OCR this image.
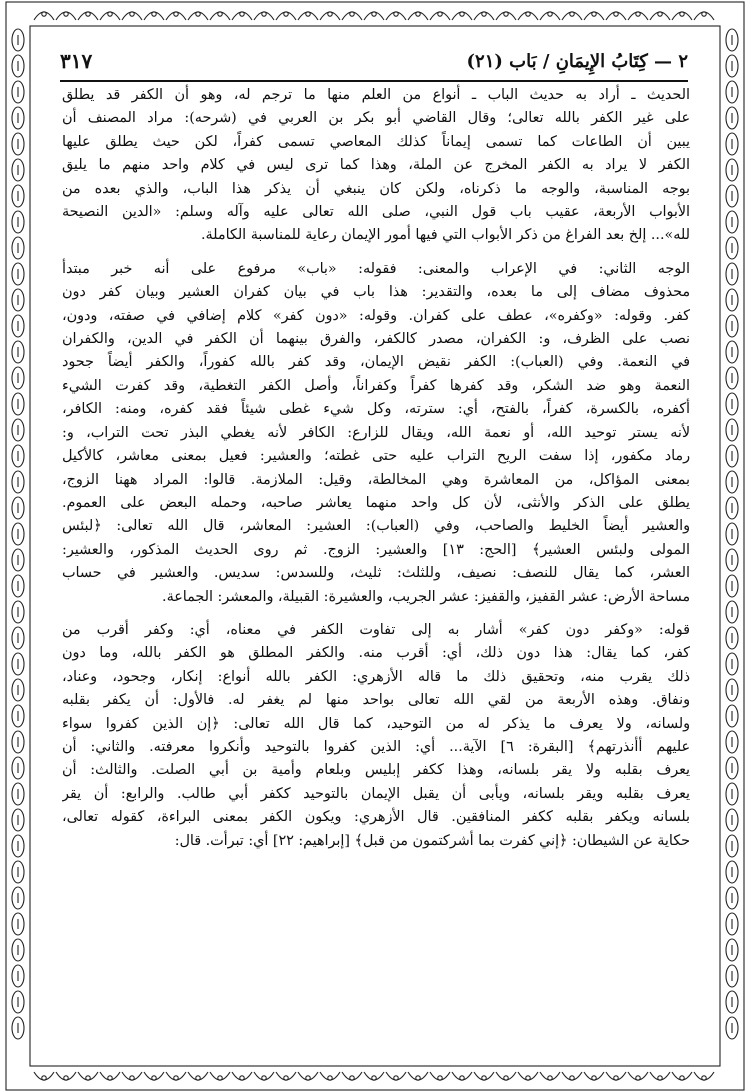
٢ — كِتَابُ الإِيمَانِ / بَاب (٢١)
٣١٧
الحديث ـ أراد به حديث الباب ـ أنواع من العلم منها ما ترجم له، وهو أن الكفر قد يطلق
على غير الكفر بالله تعالى؛ وقال القاضي أبو بكر بن العربي في (شرحه): مراد المصنف أن
يبين أن الطاعات كما تسمى إيماناً كذلك المعاصي تسمى كفراً، لكن حيث يطلق عليها
الكفر لا يراد به الكفر المخرج عن الملة، وهذا كما ترى ليس في كلام واحد منهم ما يليق
بوجه المناسبة، والوجه ما ذكرناه، ولكن كان ينبغي أن يذكر هذا الباب، والذي بعده من
الأبواب الأربعة، عقيب باب قول النبي، صلى الله تعالى عليه وآله وسلم: «الدين النصيحة
لله»... إلخ بعد الفراغ من ذكر الأبواب التي فيها أمور الإيمان رعاية للمناسبة الكاملة.
الوجه الثاني: في الإعراب والمعنى: فقوله: «باب» مرفوع على أنه خبر مبتدأ
محذوف مضاف إلى ما بعده، والتقدير: هذا باب في بيان كفران العشير وبيان كفر دون
كفر. وقوله: «وكفره»، عطف على كفران. وقوله: «دون كفر» كلام إضافي في صفته، ودون،
نصب على الظرف، و: الكفران، مصدر كالكفر، والفرق بينهما أن الكفر في الدين، والكفران
في النعمة. وفي (العباب): الكفر نقيض الإيمان، وقد كفر بالله كفوراً، والكفر أيضاً جحود
النعمة وهو ضد الشكر، وقد كفرها كفراً وكفراناً، وأصل الكفر التغطية، وقد كفرت الشيء
أكفره، بالكسرة، كفراً، بالفتح، أي: سترته، وكل شيء غطى شيئاً فقد كفره، ومنه: الكافر،
لأنه يستر توحيد الله، أو نعمة الله، ويقال للزارع: الكافر لأنه يغطي البذر تحت التراب، و:
رماد مكفور، إذا سفت الريح التراب عليه حتى غطته؛ والعشير: فعيل بمعنى معاشر، كالأكيل
بمعنى المؤاكل، من المعاشرة وهي المخالطة، وقيل: الملازمة. قالوا: المراد ههنا الزوج،
يطلق على الذكر والأنثى، لأن كل واحد منهما يعاشر صاحبه، وحمله البعض على العموم.
والعشير أيضاً الخليط والصاحب، وفي (العباب): العشير: المعاشر، قال الله تعالى: ﴿لبئس
المولى ولبئس العشير﴾ [الحج: ١٣] والعشير: الزوج. ثم روى الحديث المذكور، والعشير:
العشر، كما يقال للنصف: نصيف، وللثلث: ثليث، وللسدس: سديس. والعشير في حساب
مساحة الأرض: عشر القفيز، والقفيز: عشر الجريب، والعشيرة: القبيلة، والمعشر: الجماعة.
قوله: «وكفر دون كفر» أشار به إلى تفاوت الكفر في معناه، أي: وكفر أقرب من
كفر، كما يقال: هذا دون ذلك، أي: أقرب منه. والكفر المطلق هو الكفر بالله، وما دون
ذلك يقرب منه، وتحقيق ذلك ما قاله الأزهري: الكفر بالله أنواع: إنكار، وجحود، وعناد،
ونفاق. وهذه الأربعة من لقي الله تعالى بواحد منها لم يغفر له. فالأول: أن يكفر بقلبه
ولسانه، ولا يعرف ما يذكر له من التوحيد، كما قال الله تعالى: ﴿إن الذين كفروا سواء
عليهم أأنذرتهم﴾ [البقرة: ٦] الآية... أي: الذين كفروا بالتوحيد وأنكروا معرفته. والثاني: أن
يعرف بقلبه ولا يقر بلسانه، وهذا ككفر إبليس وبلعام وأمية بن أبي الصلت. والثالث: أن
يعرف بقلبه ويقر بلسانه، ويأبى أن يقبل الإيمان بالتوحيد ككفر أبي طالب. والرابع: أن يقر
بلسانه ويكفر بقلبه ككفر المنافقين. قال الأزهري: ويكون الكفر بمعنى البراءة، كقوله تعالى،
حكاية عن الشيطان: ﴿إني كفرت بما أشركتمون من قبل﴾ [إبراهيم: ٢٢] أي: تبرأت. قال:
